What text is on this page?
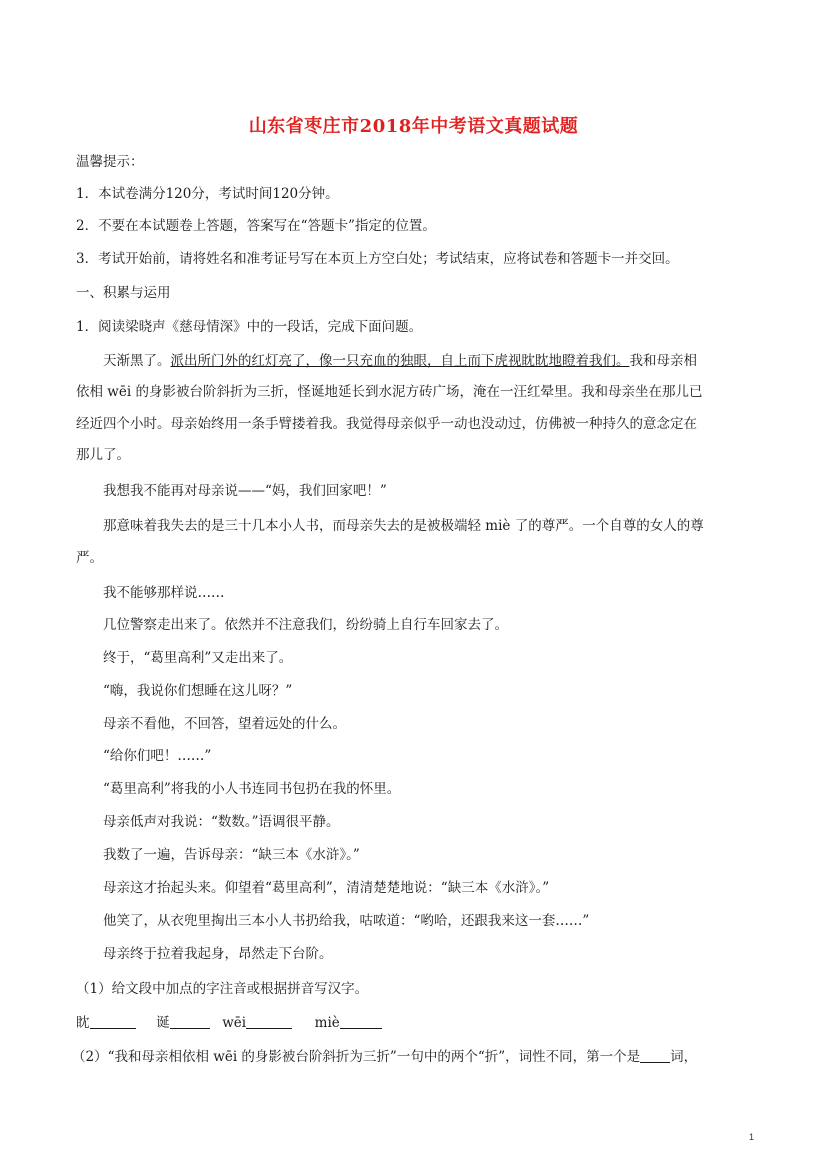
山东省枣庄市2018年中考语文真题试题
温馨提示：
1．本试卷满分120分，考试时间120分钟。
2．不要在本试题卷上答题，答案写在“答题卡”指定的位置。
3．考试开始前，请将姓名和准考证号写在本页上方空白处；考试结束，应将试卷和答题卡一并交回。
一、积累与运用
1．阅读梁晓声《慈母情深》中的一段话，完成下面问题。
天渐黑了。派出所门外的红灯亮了，像一只充血的独眼，自上而下虎视眈眈地瞪着我们。我和母亲相
依相 wēi 的身影被台阶斜折为三折，怪诞地延长到水泥方砖广场，淹在一汪红晕里。我和母亲坐在那儿已
经近四个小时。母亲始终用一条手臂搂着我。我觉得母亲似乎一动也没动过，仿佛被一种持久的意念定在
那儿了。
我想我不能再对母亲说——“妈，我们回家吧！”
那意味着我失去的是三十几本小人书，而母亲失去的是被极端轻 miè 了的尊严。一个自尊的女人的尊
严。
我不能够那样说……
几位警察走出来了。依然并不注意我们，纷纷骑上自行车回家去了。
终于，“葛里高利”又走出来了。
“嗨，我说你们想睡在这儿呀？”
母亲不看他，不回答，望着远处的什么。
“给你们吧！……”
“葛里高利”将我的小人书连同书包扔在我的怀里。
母亲低声对我说：“数数。”语调很平静。
我数了一遍，告诉母亲：“缺三本《水浒》。”
母亲这才抬起头来。仰望着“葛里高利”，清清楚楚地说：“缺三本《水浒》。”
他笑了，从衣兜里掏出三本小人书扔给我，咕哝道：“哟哈，还跟我来这一套……”
母亲终于拉着我起身，昂然走下台阶。
（1）给文段中加点的字注音或根据拼音写汉字。
眈	诞	wēi	miè
（2）“我和母亲相依相 wēi 的身影被台阶斜折为三折”一句中的两个“折”，词性不同，第一个是 词，
1
